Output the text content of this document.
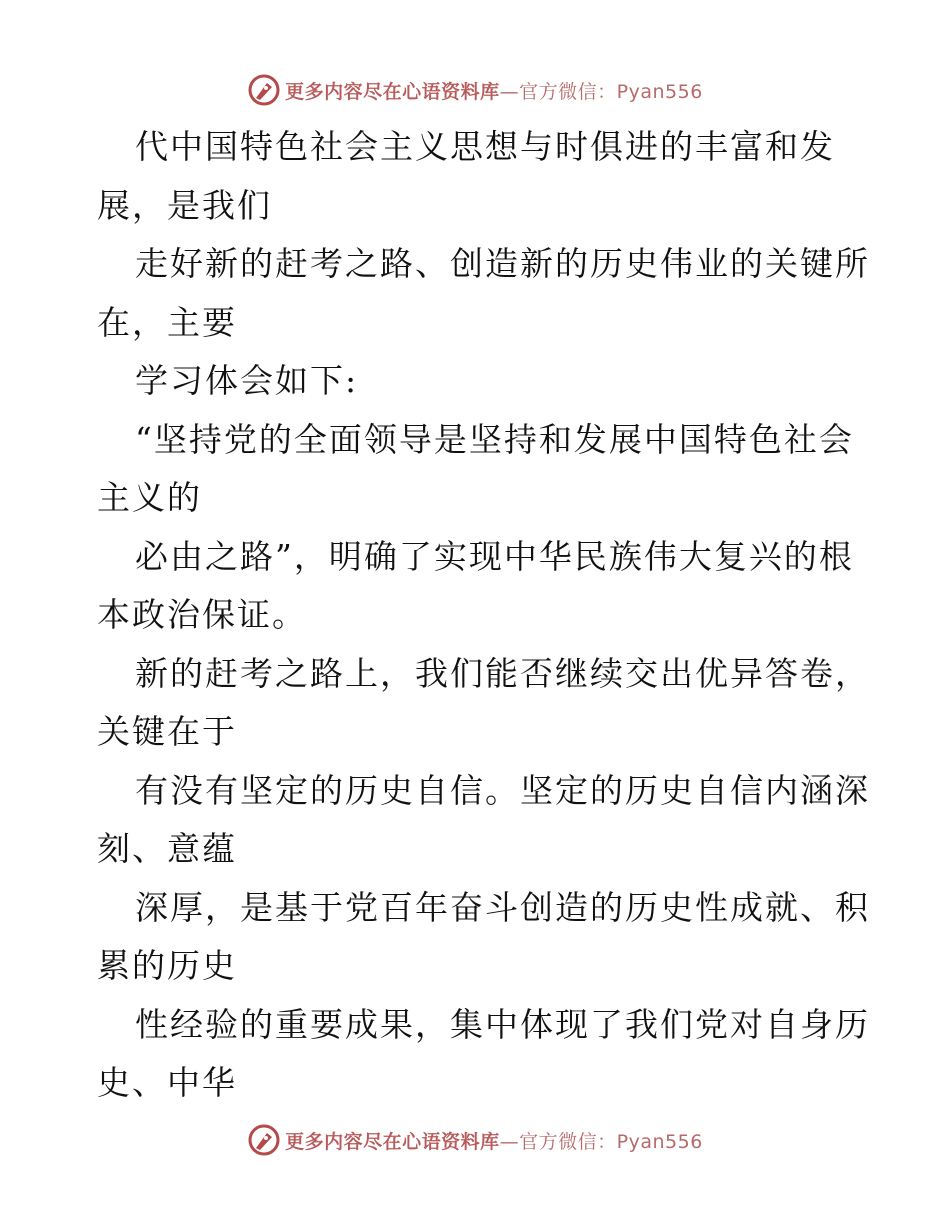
更多内容尽在心语资料库—官方微信：Pyan556
代中国特色社会主义思想与时俱进的丰富和发
展，是我们
走好新的赶考之路、创造新的历史伟业的关键所
在，主要
学习体会如下:
“坚持党的全面领导是坚持和发展中国特色社会
主义的
必由之路”，明确了实现中华民族伟大复兴的根
本政治保证。
新的赶考之路上，我们能否继续交出优异答卷，
关键在于
有没有坚定的历史自信。坚定的历史自信内涵深
刻、意蕴
深厚，是基于党百年奋斗创造的历史性成就、积
累的历史
性经验的重要成果，集中体现了我们党对自身历
史、中华
更多内容尽在心语资料库—官方微信：Pyan556
